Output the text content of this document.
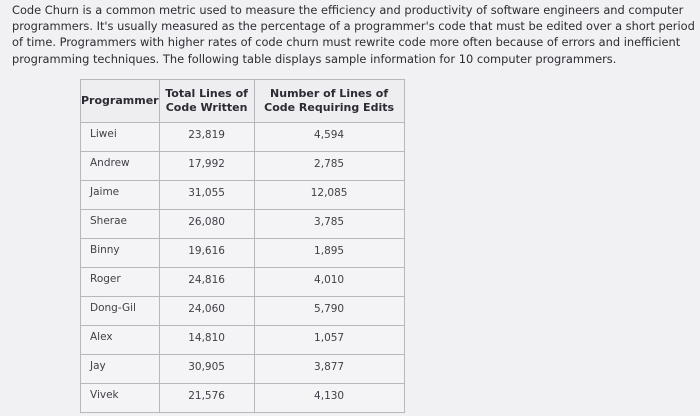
Code Churn is a common metric used to measure the efficiency and productivity of software engineers and computer programmers. It's usually measured as the percentage of a programmer's code that must be edited over a short period of time. Programmers with higher rates of code churn must rewrite code more often because of errors and inefficient programming techniques. The following table displays sample information for 10 computer programmers.

Programmer	Total Lines of Code Written	Number of Lines of Code Requiring Edits
Liwei	23,819	4,594
Andrew	17,992	2,785
Jaime	31,055	12,085
Sherae	26,080	3,785
Binny	19,616	1,895
Roger	24,816	4,010
Dong-Gil	24,060	5,790
Alex	14,810	1,057
Jay	30,905	3,877
Vivek	21,576	4,130
